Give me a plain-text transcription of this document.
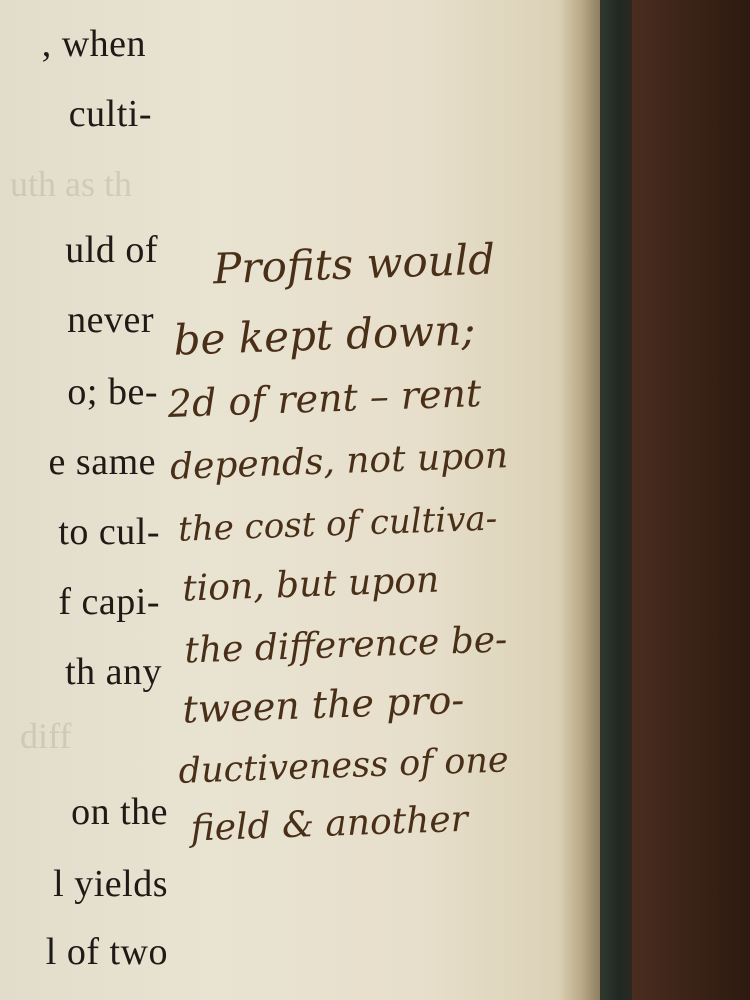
uth as th
diff
, when
culti-
uld of
never
o; be-
e same
to cul-
f capi-
th any
on the
l yields
l of two
Profits would
be kept down;
2d of rent – rent
depends, not upon
the cost of cultiva-
tion, but upon
the difference be-
tween the pro-
ductiveness of one
field & another
